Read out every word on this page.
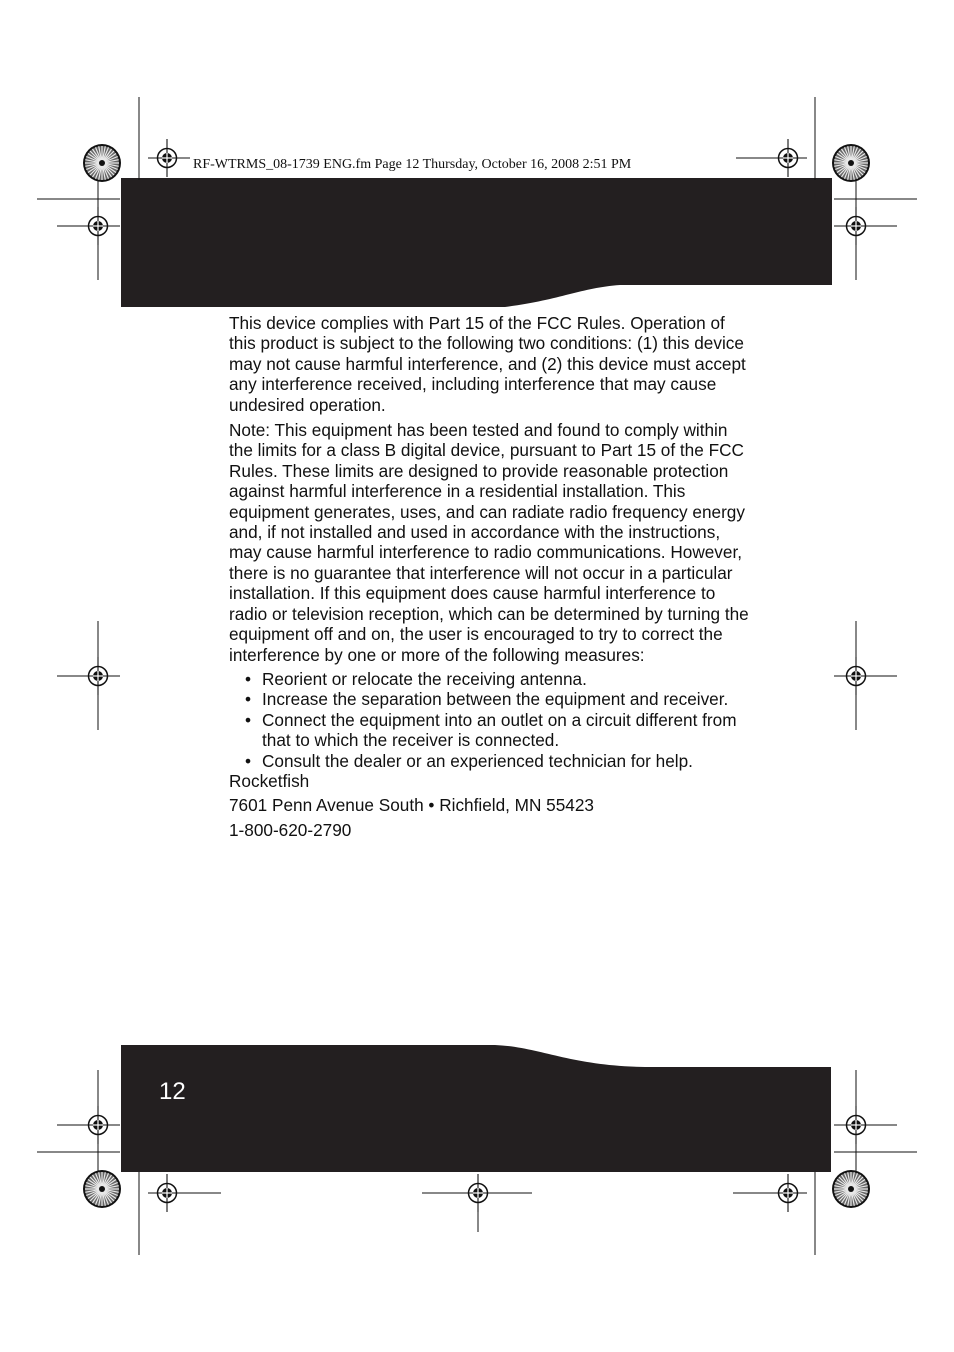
RF-WTRMS_08-1739 ENG.fm Page 12 Thursday, October 16, 2008 2:51 PM

This device complies with Part 15 of the FCC Rules. Operation of this product is subject to the following two conditions: (1) this device may not cause harmful interference, and (2) this device must accept any interference received, including interference that may cause undesired operation.

Note: This equipment has been tested and found to comply within the limits for a class B digital device, pursuant to Part 15 of the FCC Rules. These limits are designed to provide reasonable protection against harmful interference in a residential installation. This equipment generates, uses, and can radiate radio frequency energy and, if not installed and used in accordance with the instructions, may cause harmful interference to radio communications. However, there is no guarantee that interference will not occur in a particular installation. If this equipment does cause harmful interference to radio or television reception, which can be determined by turning the equipment off and on, the user is encouraged to try to correct the interference by one or more of the following measures:

• Reorient or relocate the receiving antenna.
• Increase the separation between the equipment and receiver.
• Connect the equipment into an outlet on a circuit different from that to which the receiver is connected.
• Consult the dealer or an experienced technician for help.
Rocketfish
7601 Penn Avenue South • Richfield, MN 55423
1-800-620-2790
12
